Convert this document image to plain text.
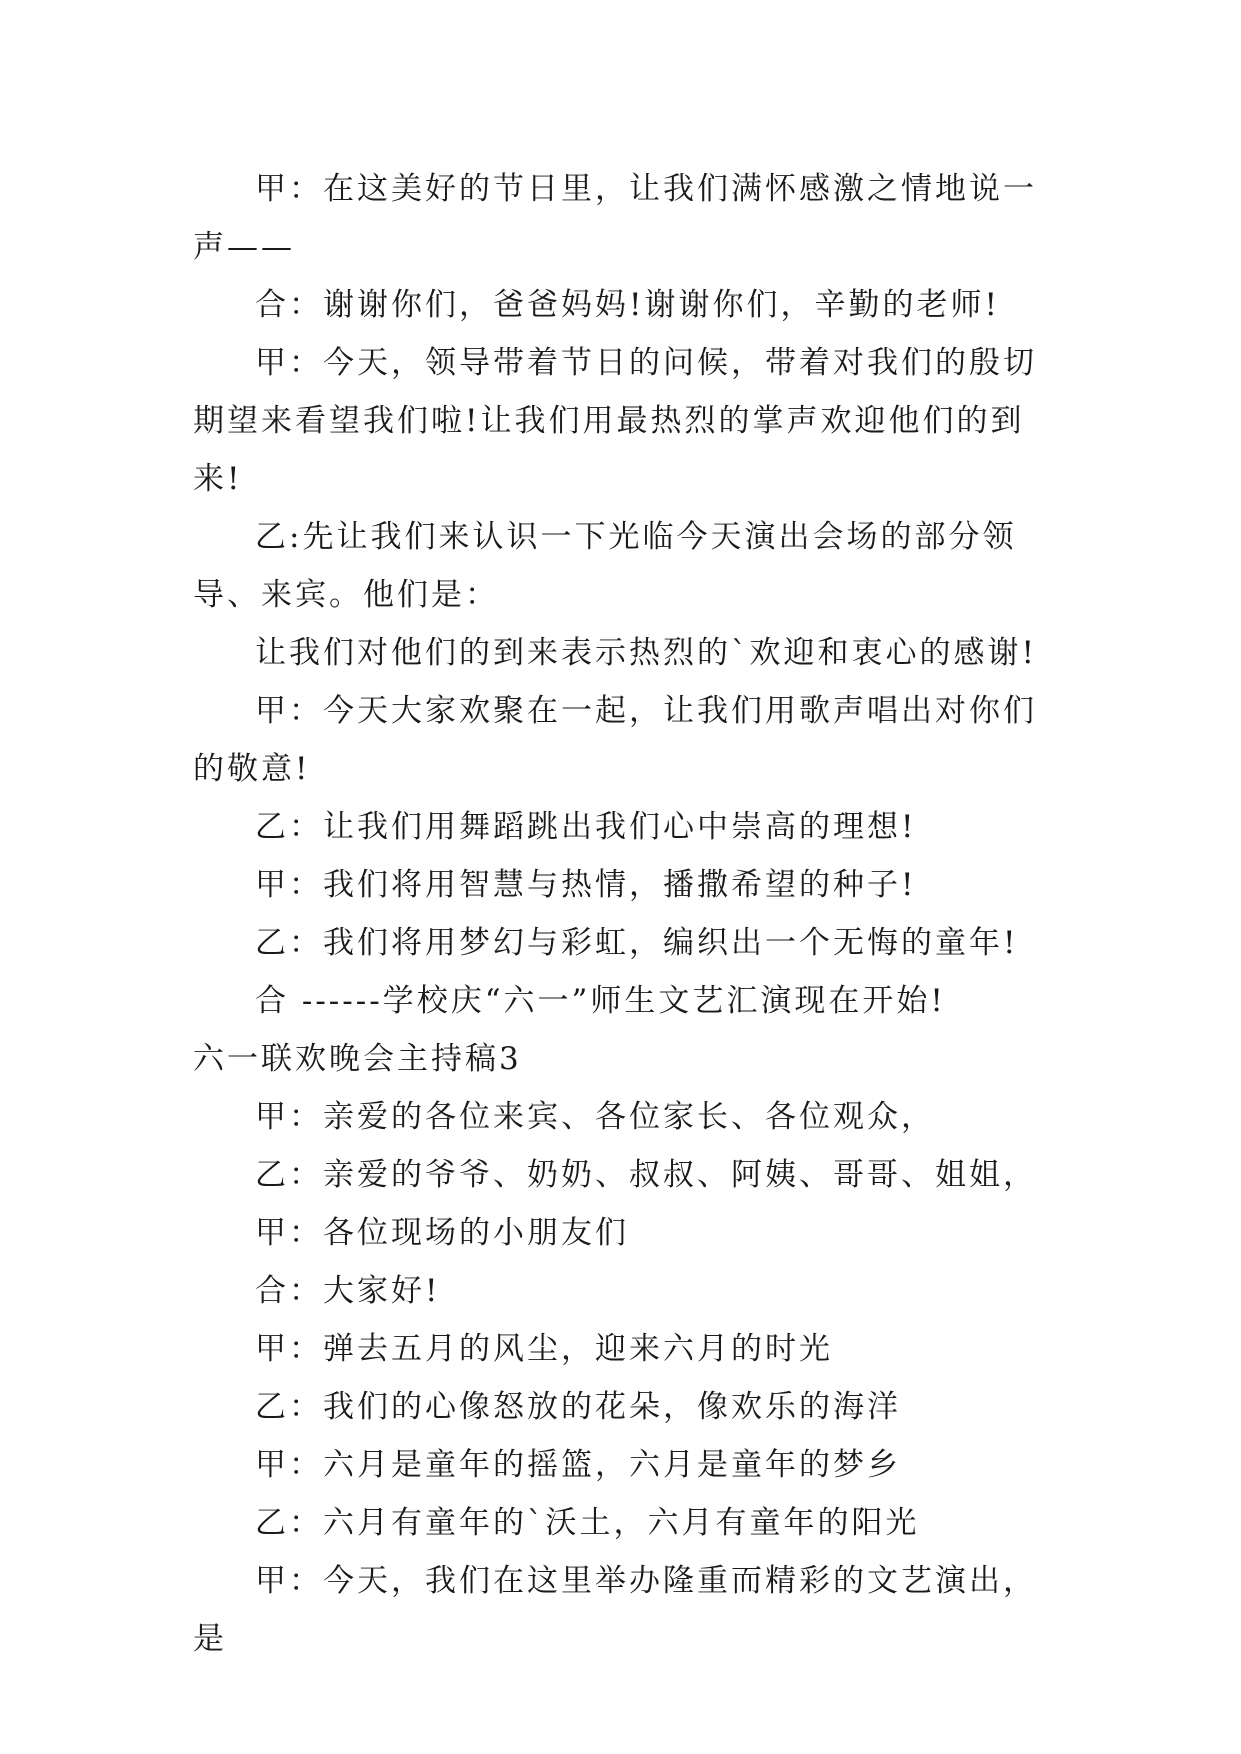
甲：在这美好的节日里，让我们满怀感激之情地说一声——

合：谢谢你们，爸爸妈妈!谢谢你们，辛勤的老师!

甲：今天，领导带着节日的问候，带着对我们的殷切期望来看望我们啦!让我们用最热烈的掌声欢迎他们的到来!

乙:先让我们来认识一下光临今天演出会场的部分领导、来宾。他们是：

让我们对他们的到来表示热烈的`欢迎和衷心的感谢!

甲：今天大家欢聚在一起，让我们用歌声唱出对你们的敬意!

乙：让我们用舞蹈跳出我们心中崇高的理想!

甲：我们将用智慧与热情，播撒希望的种子!

乙：我们将用梦幻与彩虹，编织出一个无悔的童年!

合 ------学校庆“六一”师生文艺汇演现在开始!

六一联欢晚会主持稿3

甲：亲爱的各位来宾、各位家长、各位观众，

乙：亲爱的爷爷、奶奶、叔叔、阿姨、哥哥、姐姐，

甲：各位现场的小朋友们

合：大家好!

甲：弹去五月的风尘，迎来六月的时光

乙：我们的心像怒放的花朵，像欢乐的海洋

甲：六月是童年的摇篮，六月是童年的梦乡

乙：六月有童年的`沃土，六月有童年的阳光

甲：今天，我们在这里举办隆重而精彩的文艺演出，是
